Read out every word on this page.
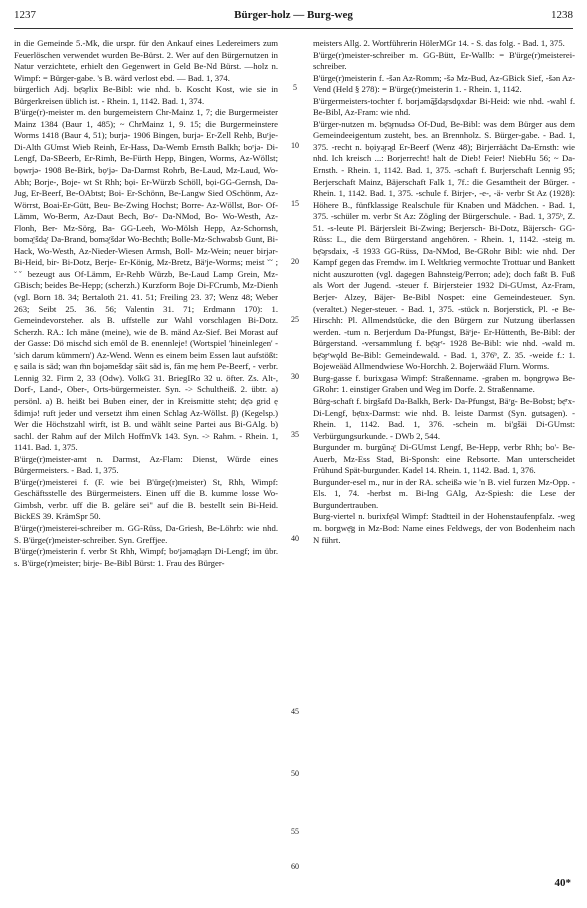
1237	Bürger-holz — Burg-weg	1238

in die Gemeinde 5.-Mk, die urspr. für den Ankauf eines Ledereimers zum Feuerlöschen verwendet wurden Be-Bürst. 2. Wer auf den Bürgernutzen in Natur verzichtete, erhielt den Gegenwert in Geld Be-Nd Bürst. —holz n. Wimpf: = Bürger-gabe. 's B. wärd verlost ebd. — Bad. 1, 374.

bürgerlich Adj. bẹ̄ə̯rlix Be-Bibl: wie nhd. b. Koscht Kost, wie sie in Bürgerkreisen üblich ist. - Rhein. 1, 1142. Bad. 1, 374.

B'ürge(r)-meister m. den burgemeistern Chr-Mainz 1, 7; die Burgermeister Mainz 1384 (Baur 1, 485); ~ ChrMainz 1, 9. 15; die Burgermeinstere Worms 1418 (Baur 4, 51); burjə- 1906 Bingen, burjə- Er-Zell Rehb, Buʳje- Di-Alth GUmst Wieb Reinh, Er-Hass, Da-Wemb Ernsth Balkh; boʳjə- Di-Lengf, Da-SBeerb, Er-Rimh, Be-Fürth Hepp, Bingen, Worms, Az-Wöllst; bọwrjə- 1908 Be-Birk, bọʳjə- Da-Darmst Rohrb, Be-Laud, Mz-Laud, Wo-Abh; Borje-, Boje- wt St Rhh; bọi- Er-Würzb Schöll, bọi-GG-Gernsh, Da-Jug, Er-Beerf, Be-OAbtst; Boi- Er-Schönn, Be-Langw Sied OSchönm, Az-Wörrst, Boai-Er-Gütt, Beu- Be-Zwing Hochst; Borre- Az-Wöllst, Bor- Of-Lämm, Wo-Berm, Az-Daut Bech, Boʳ- Da-NMod, Bo- Wo-Westh, Az-Flonh, Ber- Mz-Sörg, Ba- GG-Leeh, Wo-Mölsh Hepp, Az-Schornsh, bomə̯ʳšdə̯ʳ Da-Brand, bomə̯ʳšdər Wo-Bechth; Bolle-Mz-Schwabsb Gunt, Bi-Hack, Wo-Westh, Az-Nieder-Wiesen Armsh, Boll- Mz-Wein; neuer birjər- Bi-Heid, bir- Bi-Dotz, Berje- Er-König, Mz-Bretz, Bäʳje-Worms; meist ˘˘ ; ˘ˇ bezeugt aus Of-Lämm, Er-Rehb Würzb, Be-Laud Lamp Grein, Mz-GBisch; beides Be-Hepp; (scherzh.) Kurzform Boje Di-FCrumb, Mz-Dienh (vgl. Born 18. 34; Bertaloth 21. 41. 51; Freiling 23. 37; Wenz 48; Weber 263; Seibt 25. 36. 56; Valentin 31. 71; Erdmann 170): 1. Gemeindevorsteher. als B. uffstelle zur Wahl vorschlagen Bi-Dotz. Scherzh. RA.: Ich mäne (meine), wie de B. mänd Az-Sief. Bei Morast auf der Gasse: Dö mischd sich emöl de B. enennleje! (Wortspiel 'hineinlegen' - 'sich darum kümmern') Az-Wend. Wenn es einem beim Essen laut aufstößt: ẹ saila is säd; wan m̃n bojəmešdə̯r sāit säd is, fān mẹ hem Pe-Beerf, - verbr. Lennig 32. Firm 2, 33 (Odw). VolkG 31. BriegIRo 32 u. öfter. Zs. Alt-, Dorf-, Land-, Ober-, Orts-bürgermeister. Syn. -> Schultheiß. 2. übtr. a) persönl. a) B. heißt bei Buben einer, der in Kreismitte steht; dẹ̄ə grid ẹ šdimjə! ruft jeder und versetzt ihm einen Schlag Az-Wöllst. β) (Kegelsp.) Wer die Höchstzahl wirft, ist B. und wählt seine Partei aus Bi-GAlg. b) sachl. der Rahm auf der Milch HoffmVk 143. Syn. -> Rahm. - Rhein. 1, 1141. Bad. 1, 375.

B'ürge(r)meister-amt n. Darmst, Az-Flam: Dienst, Würde eines Bürgermeisters. - Bad. 1, 375.

B'ürge(r)meisterei f. (F. wie bei B'ürge(r)meister) St, Rhh, Wimpf: Geschäftsstelle des Bürgermeisters. Einen uff die B. kumme losse Wo-Gimbsh, verbr. uff die B. geläre sei" auf die B. bestellt sein Bi-Heid. BickES 39. KrämSpr 50.

B'ürge(r)meisterei-schreiber m. GG-Rüss, Da-Griesh, Be-Löhrb: wie nhd. S. B'ürge(r)meister-schreiber. Syn. Greffjee.

B'ürge(r)meisterin f. verbr St Rhh, Wimpf; boʳjəmə̯də̯rn Di-Lengf; im übr. s. B'ürge(r)meister; birje- Be-Bibl Bürst: 1. Frau des Bürger-

5
10
15
20
25
30
35
40
45
50
55
60

meisters Allg. 2. Wortführerin HölerMGr 14. - S. das folg. - Bad. 1, 375.

B'ürge(r)meister-schreiber m. GG-Bütt, Er-Wallb: = B'ürge(r)meisterei-schreiber.

B'ürge(r)meisterin f. -šən Az-Romm; -šə Mz-Bud, Az-GBick Sief, -šən Az-Vend (Held § 278): = B'ürge(r)meisterin 1. - Rhein. 1, 1142.

B'ürgermeisters-tochter f. borjəmā̲šdə̯rsdǫxdər Bi-Heid: wie nhd. -wahl f. Be-Bibl, Az-Fram: wie nhd.

B'ürger-nutzen m. bẹ̄ə̯rnudsə Of-Dud, Be-Bibl: was dem Bürger aus dem Gemeindeeigentum zusteht, bes. an Brennholz. S. Bürger-gabe. - Bad. 1, 375. -recht n. bọiyə̯rə̯d Er-Beerf (Wenz 48); Birjerräächt Da-Ernsth: wie nhd. Ich kreisch ...: Borjerrecht! halt de Dieb! Feier! NiebHu 56; ~ Da-Ernsth. - Rhein. 1, 1142. Bad. 1, 375. -schaft f. Burjerschaft Lennig 95; Berjerschaft Mainz, Bäjerschaft Falk 1, 7f.: die Gesamtheit der Bürger. - Rhein. 1, 1142. Bad. 1, 375. -schule f. Birjer-, -e-, -ä- verbr St Az (1928): Höhere B., fünfklassige Realschule für Knaben und Mädchen. - Bad. 1, 375. -schüler m. verbr St Az: Zögling der Bürgerschule. - Bad. 1, 375ᵇ, Z. 51. -s-leute Pl. Bärjersleit Bi-Zwing; Berjersch- Bi-Dotz, Bäjersch- GG-Rüss: L., die dem Bürgerstand angehören. - Rhein. 1, 1142. -steig m. bẹ̄ə̯rsdaix, -š 1933 GG-Rüss, Da-NMod, Be-GRohr Bibl: wie nhd. Der Kampf gegen das Fremdw. im I. Weltkrieg vermochte Trottuar und Bankett nicht auszurotten (vgl. dagegen Bahnsteig/Perron; ade); doch faßt B. Fuß als Wort der Jugend. -steuer f. Birjersteier 1932 Di-GUmst, Az-Fram, Berjer- Alzey, Bäjer- Be-Bibl Nospet: eine Gemeindesteuer. Syn. (veraltet.) Neger-steuer. - Bad. 1, 375. -stück n. Borjerstick, Pl. -e Be-Hirschh: Pl. Allmendstücke, die den Bürgern zur Nutzung überlassen werden. -tum n. Berjerdum Da-Pfungst, Bäʳje- Er-Hüttenth, Be-Bibl: der Bürgerstand. -versammlung f. bẹ̄ə̯rʳ- 1928 Be-Bibl: wie nhd. -wald m. bẹ̄ə̯rʳwǫld Be-Bibl: Gemeindewald. - Bad. 1, 376ᵇ, Z. 35. -weide f.: 1. Bojeweääd Allmendwiese Wo-Horchh. 2. Bojerwääd Flurn. Worms.

Burg-gasse f. burixgasə Wimpf: Straßenname. -graben m. bọngrǫwə Be-GRohr: 1. einstiger Graben und Weg im Dorfe. 2. Straßenname.

Bürg-schaft f. birgšafd Da-Balkh, Berk- Da-Pfungst, Bäʳg- Be-Bobst; bẹ̄ʳx- Di-Lengf, bẹ̄ɑx-Darmst: wie nhd. B. leiste Darmst (Syn. gutsagen). - Rhein. 1, 1142. Bad. 1, 376. -schein m. bi'gšäi Di-GUmst: Verbürgungsurkunde. - DWb 2, 544.

Burgunder m. burgūnə̯ʳ Di-GUmst Lengf, Be-Hepp, verbr Rhh; bo'- Be-Auerb, Mz-Ess Stad, Bi-Sponsh: eine Rebsorte. Man unterscheidet Frühund Spät-burgunder. Kadel 14. Rhein. 1, 1142. Bad. 1, 376.

Burgunder-esel m., nur in der RA. scheißə wie 'n B. viel furzen Mz-Opp. - Els. 1, 74. -herbst m. Bi-Ing GAlg, Az-Spiesh: die Lese der Burgundertrauben.

Burg-viertel n. burixfẹ̄əl Wimpf: Stadtteil in der Hohenstaufenpfalz. -weg m. borgwẹ̄g in Mz-Bod: Name eines Feldwegs, der von Bodenheim nach N führt.

40*
